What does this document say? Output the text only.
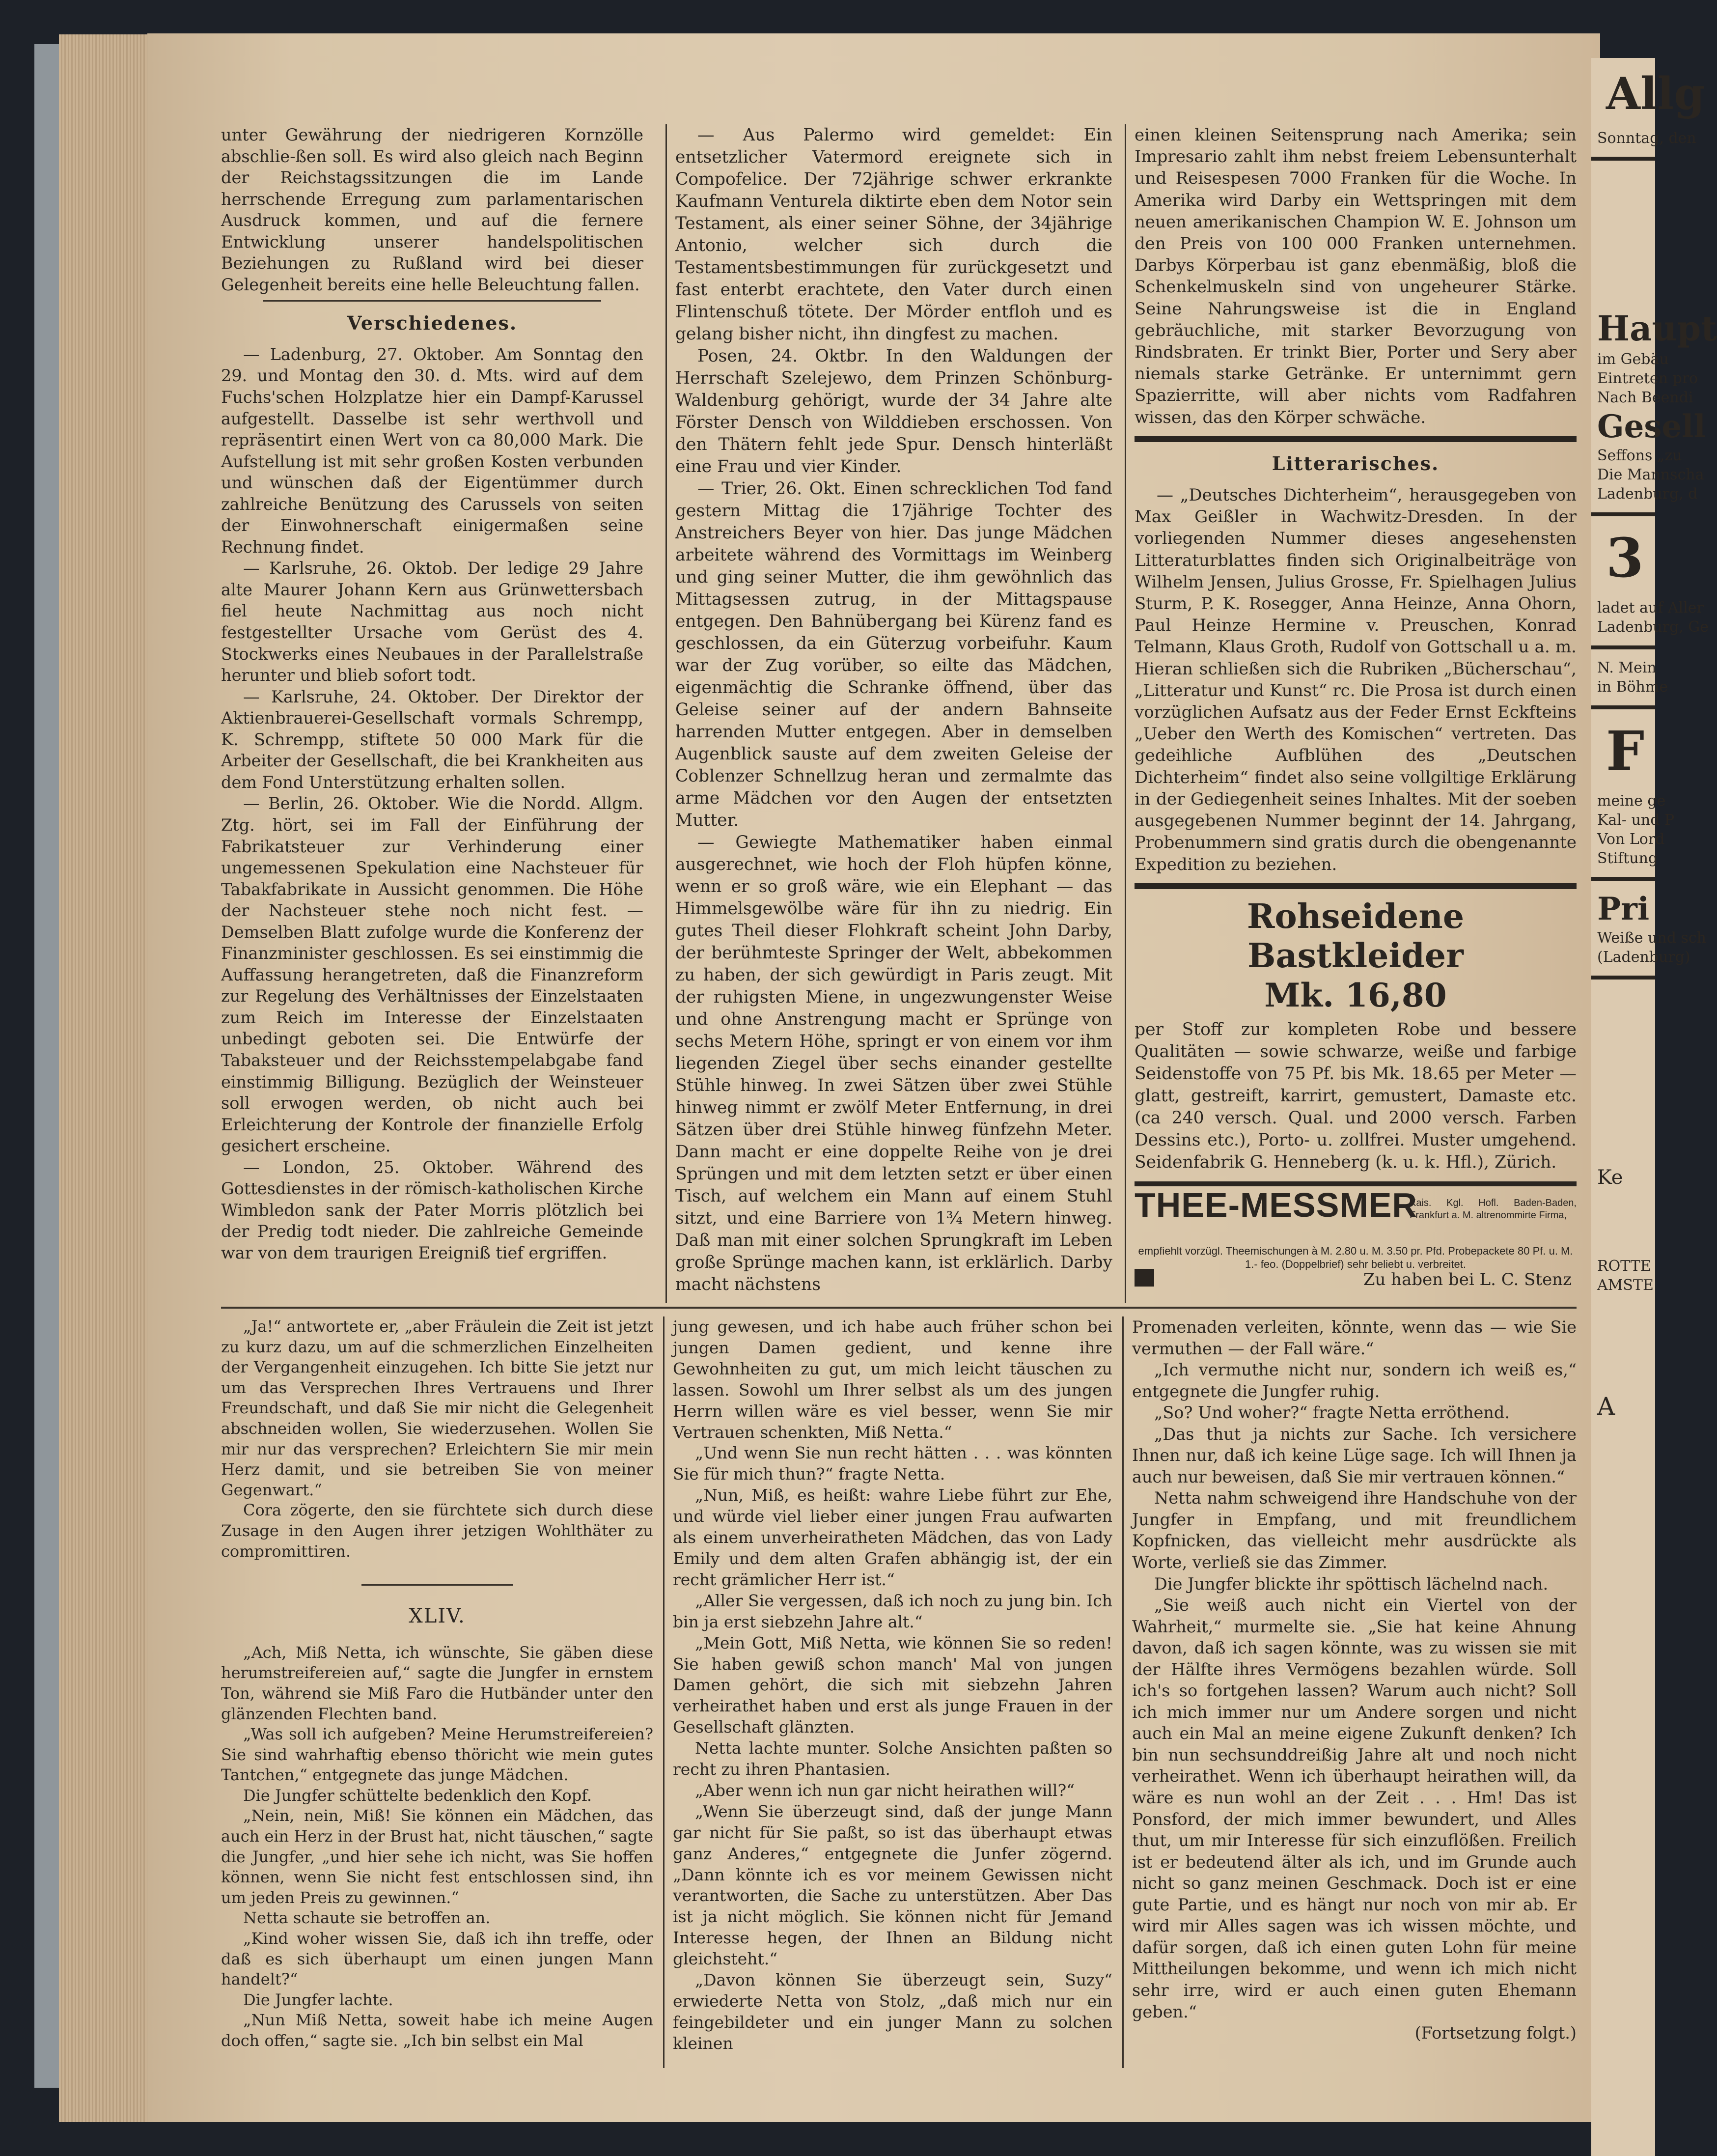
unter Gewährung der niedrigeren Kornzölle abschlie-ßen soll. Es wird also gleich nach Beginn der Reichstagssitzungen die im Lande herrschende Erregung zum parlamentarischen Ausdruck kommen, und auf die fernere Entwicklung unserer handelspolitischen Beziehungen zu Rußland wird bei dieser Gelegenheit bereits eine helle Beleuchtung fallen.

Verschiedenes.

— Ladenburg, 27. Oktober. Am Sonntag den 29. und Montag den 30. d. Mts. wird auf dem Fuchs'schen Holzplatze hier ein Dampf-Karussel aufgestellt. Dasselbe ist sehr werthvoll und repräsentirt einen Wert von ca 80,000 Mark. Die Aufstellung ist mit sehr großen Kosten verbunden und wünschen daß der Eigentümmer durch zahlreiche Benützung des Carussels von seiten der Einwohnerschaft einigermaßen seine Rechnung findet.

— Karlsruhe, 26. Oktob. Der ledige 29 Jahre alte Maurer Johann Kern aus Grünwettersbach fiel heute Nachmittag aus noch nicht festgestellter Ursache vom Gerüst des 4. Stockwerks eines Neubaues in der Parallelstraße herunter und blieb sofort todt.

— Karlsruhe, 24. Oktober. Der Direktor der Aktienbrauerei-Gesellschaft vormals Schrempp, K. Schrempp, stiftete 50 000 Mark für die Arbeiter der Gesellschaft, die bei Krankheiten aus dem Fond Unterstützung erhalten sollen.

— Berlin, 26. Oktober. Wie die Nordd. Allgm. Ztg. hört, sei im Fall der Einführung der Fabrikatsteuer zur Verhinderung einer ungemessenen Spekulation eine Nachsteuer für Tabakfabrikate in Aussicht genommen. Die Höhe der Nachsteuer stehe noch nicht fest. — Demselben Blatt zufolge wurde die Konferenz der Finanzminister geschlossen. Es sei einstimmig die Auffassung herangetreten, daß die Finanzreform zur Regelung des Verhältnisses der Einzelstaaten zum Reich im Interesse der Einzelstaaten unbedingt geboten sei. Die Entwürfe der Tabaksteuer und der Reichsstempelabgabe fand einstimmig Billigung. Bezüglich der Weinsteuer soll erwogen werden, ob nicht auch bei Erleichterung der Kontrole der finanzielle Erfolg gesichert erscheine.

— London, 25. Oktober. Während des Gottesdienstes in der römisch-katholischen Kirche Wimbledon sank der Pater Morris plötzlich bei der Predig todt nieder. Die zahlreiche Gemeinde war von dem traurigen Ereigniß tief ergriffen.

— Aus Palermo wird gemeldet: Ein entsetzlicher Vatermord ereignete sich in Compofelice. Der 72jährige schwer erkrankte Kaufmann Venturela diktirte eben dem Notor sein Testament, als einer seiner Söhne, der 34jährige Antonio, welcher sich durch die Testamentsbestimmungen für zurückgesetzt und fast enterbt erachtete, den Vater durch einen Flintenschuß tötete. Der Mörder entfloh und es gelang bisher nicht, ihn dingfest zu machen.

Posen, 24. Oktbr. In den Waldungen der Herrschaft Szelejewo, dem Prinzen Schönburg-Waldenburg gehörigt, wurde der 34 Jahre alte Förster Densch von Wilddieben erschossen. Von den Thätern fehlt jede Spur. Densch hinterläßt eine Frau und vier Kinder.

— Trier, 26. Okt. Einen schrecklichen Tod fand gestern Mittag die 17jährige Tochter des Anstreichers Beyer von hier. Das junge Mädchen arbeitete während des Vormittags im Weinberg und ging seiner Mutter, die ihm gewöhnlich das Mittagsessen zutrug, in der Mittagspause entgegen. Den Bahnübergang bei Kürenz fand es geschlossen, da ein Güterzug vorbeifuhr. Kaum war der Zug vorüber, so eilte das Mädchen, eigenmächtig die Schranke öffnend, über das Geleise seiner auf der andern Bahnseite harrenden Mutter entgegen. Aber in demselben Augenblick sauste auf dem zweiten Geleise der Coblenzer Schnellzug heran und zermalmte das arme Mädchen vor den Augen der entsetzten Mutter.

— Gewiegte Mathematiker haben einmal ausgerechnet, wie hoch der Floh hüpfen könne, wenn er so groß wäre, wie ein Elephant — das Himmelsgewölbe wäre für ihn zu niedrig. Ein gutes Theil dieser Flohkraft scheint John Darby, der berühmteste Springer der Welt, abbekommen zu haben, der sich gewürdigt in Paris zeugt. Mit der ruhigsten Miene, in ungezwungenster Weise und ohne Anstrengung macht er Sprünge von sechs Metern Höhe, springt er von einem vor ihm liegenden Ziegel über sechs einander gestellte Stühle hinweg. In zwei Sätzen über zwei Stühle hinweg nimmt er zwölf Meter Entfernung, in drei Sätzen über drei Stühle hinweg fünfzehn Meter. Dann macht er eine doppelte Reihe von je drei Sprüngen und mit dem letzten setzt er über einen Tisch, auf welchem ein Mann auf einem Stuhl sitzt, und eine Barriere von 1¾ Metern hinweg. Daß man mit einer solchen Sprungkraft im Leben große Sprünge machen kann, ist erklärlich. Darby macht nächstens

einen kleinen Seitensprung nach Amerika; sein Impresario zahlt ihm nebst freiem Lebensunterhalt und Reisespesen 7000 Franken für die Woche. In Amerika wird Darby ein Wettspringen mit dem neuen amerikanischen Champion W. E. Johnson um den Preis von 100 000 Franken unternehmen. Darbys Körperbau ist ganz ebenmäßig, bloß die Schenkelmuskeln sind von ungeheurer Stärke. Seine Nahrungsweise ist die in England gebräuchliche, mit starker Bevorzugung von Rindsbraten. Er trinkt Bier, Porter und Sery aber niemals starke Getränke. Er unternimmt gern Spazierritte, will aber nichts vom Radfahren wissen, das den Körper schwäche.

Litterarisches.

— „Deutsches Dichterheim“, herausgegeben von Max Geißler in Wachwitz-Dresden. In der vorliegenden Nummer dieses angesehensten Litteraturblattes finden sich Originalbeiträge von Wilhelm Jensen, Julius Grosse, Fr. Spielhagen Julius Sturm, P. K. Rosegger, Anna Heinze, Anna Ohorn, Paul Heinze Hermine v. Preuschen, Konrad Telmann, Klaus Groth, Rudolf von Gottschall u a. m. Hieran schließen sich die Rubriken „Bücherschau“, „Litteratur und Kunst“ rc. Die Prosa ist durch einen vorzüglichen Aufsatz aus der Feder Ernst Eckfteins „Ueber den Werth des Komischen“ vertreten. Das gedeihliche Aufblühen des „Deutschen Dichterheim“ findet also seine vollgiltige Erklärung in der Gediegenheit seines Inhaltes. Mit der soeben ausgegebenen Nummer beginnt der 14. Jahrgang, Probenummern sind gratis durch die obengenannte Expedition zu beziehen.

Rohseidene Bastkleider
Mk. 16,80
per Stoff zur kompleten Robe und bessere Qualitäten — sowie schwarze, weiße und farbige Seidenstoffe von 75 Pf. bis Mk. 18.65 per Meter — glatt, gestreift, karrirt, gemustert, Damaste etc. (ca 240 versch. Qual. und 2000 versch. Farben Dessins etc.), Porto- u. zollfrei. Muster umgehend. Seidenfabrik G. Henneberg (k. u. k. Hfl.), Zürich.
THEE-MESSMER
Kais. Kgl. Hofl. Baden-Baden, Frankfurt a. M. altrenommirte Firma,
empfiehlt vorzügl. Theemischungen à M. 2.80 u. M. 3.50 pr. Pfd. Probepackete 80 Pf. u. M. 1.- feo. (Doppelbrief) sehr beliebt u. verbreitet.
Zu haben bei L. C. Stenz

„Ja!“ antwortete er, „aber Fräulein die Zeit ist jetzt zu kurz dazu, um auf die schmerzlichen Einzelheiten der Vergangenheit einzugehen. Ich bitte Sie jetzt nur um das Versprechen Ihres Vertrauens und Ihrer Freundschaft, und daß Sie mir nicht die Gelegenheit abschneiden wollen, Sie wiederzusehen. Wollen Sie mir nur das versprechen? Erleichtern Sie mir mein Herz damit, und sie betreiben Sie von meiner Gegenwart.“

Cora zögerte, den sie fürchtete sich durch diese Zusage in den Augen ihrer jetzigen Wohlthäter zu compromittiren.

XLIV.

„Ach, Miß Netta, ich wünschte, Sie gäben diese herumstreifereien auf,“ sagte die Jungfer in ernstem Ton, während sie Miß Faro die Hutbänder unter den glänzenden Flechten band.

„Was soll ich aufgeben? Meine Herumstreifereien? Sie sind wahrhaftig ebenso thöricht wie mein gutes Tantchen,“ entgegnete das junge Mädchen.

Die Jungfer schüttelte bedenklich den Kopf.

„Nein, nein, Miß! Sie können ein Mädchen, das auch ein Herz in der Brust hat, nicht täuschen,“ sagte die Jungfer, „und hier sehe ich nicht, was Sie hoffen können, wenn Sie nicht fest entschlossen sind, ihn um jeden Preis zu gewinnen.“

Netta schaute sie betroffen an.

„Kind woher wissen Sie, daß ich ihn treffe, oder daß es sich überhaupt um einen jungen Mann handelt?“

Die Jungfer lachte.

„Nun Miß Netta, soweit habe ich meine Augen doch offen,“ sagte sie. „Ich bin selbst ein Mal

jung gewesen, und ich habe auch früher schon bei jungen Damen gedient, und kenne ihre Gewohnheiten zu gut, um mich leicht täuschen zu lassen. Sowohl um Ihrer selbst als um des jungen Herrn willen wäre es viel besser, wenn Sie mir Vertrauen schenkten, Miß Netta.“

„Und wenn Sie nun recht hätten . . . was könnten Sie für mich thun?“ fragte Netta.

„Nun, Miß, es heißt: wahre Liebe führt zur Ehe, und würde viel lieber einer jungen Frau aufwarten als einem unverheiratheten Mädchen, das von Lady Emily und dem alten Grafen abhängig ist, der ein recht grämlicher Herr ist.“

„Aller Sie vergessen, daß ich noch zu jung bin. Ich bin ja erst siebzehn Jahre alt.“

„Mein Gott, Miß Netta, wie können Sie so reden! Sie haben gewiß schon manch' Mal von jungen Damen gehört, die sich mit siebzehn Jahren verheirathet haben und erst als junge Frauen in der Gesellschaft glänzten.

Netta lachte munter. Solche Ansichten paßten so recht zu ihren Phantasien.

„Aber wenn ich nun gar nicht heirathen will?“

„Wenn Sie überzeugt sind, daß der junge Mann gar nicht für Sie paßt, so ist das überhaupt etwas ganz Anderes,“ entgegnete die Junfer zögernd. „Dann könnte ich es vor meinem Gewissen nicht verantworten, die Sache zu unterstützen. Aber Das ist ja nicht möglich. Sie können nicht für Jemand Interesse hegen, der Ihnen an Bildung nicht gleichsteht.“

„Davon können Sie überzeugt sein, Suzy“ erwiederte Netta von Stolz, „daß mich nur ein feingebildeter und ein junger Mann zu solchen kleinen

Promenaden verleiten, könnte, wenn das — wie Sie vermuthen — der Fall wäre.“

„Ich vermuthe nicht nur, sondern ich weiß es,“ entgegnete die Jungfer ruhig.

„So? Und woher?“ fragte Netta erröthend.

„Das thut ja nichts zur Sache. Ich versichere Ihnen nur, daß ich keine Lüge sage. Ich will Ihnen ja auch nur beweisen, daß Sie mir vertrauen können.“

Netta nahm schweigend ihre Handschuhe von der Jungfer in Empfang, und mit freundlichem Kopfnicken, das vielleicht mehr ausdrückte als Worte, verließ sie das Zimmer.

Die Jungfer blickte ihr spöttisch lächelnd nach.

„Sie weiß auch nicht ein Viertel von der Wahrheit,“ murmelte sie. „Sie hat keine Ahnung davon, daß ich sagen könnte, was zu wissen sie mit der Hälfte ihres Vermögens bezahlen würde. Soll ich's so fortgehen lassen? Warum auch nicht? Soll ich mich immer nur um Andere sorgen und nicht auch ein Mal an meine eigene Zukunft denken? Ich bin nun sechsunddreißig Jahre alt und noch nicht verheirathet. Wenn ich überhaupt heirathen will, da wäre es nun wohl an der Zeit . . . Hm! Das ist Ponsford, der mich immer bewundert, und Alles thut, um mir Interesse für sich einzuflößen. Freilich ist er bedeutend älter als ich, und im Grunde auch nicht so ganz meinen Geschmack. Doch ist er eine gute Partie, und es hängt nur noch von mir ab. Er wird mir Alles sagen was ich wissen möchte, und dafür sorgen, daß ich einen guten Lohn für meine Mittheilungen bekomme, und wenn ich mich nicht sehr irre, wird er auch einen guten Ehemann geben.“

(Fortsetzung folgt.)

Allg
Sonntag, den
Haupt
im Gebäu
Eintreten pro
Nach Beendi
Gesell
Seffons „zu
Die Mannscha
Ladenburg, d
3
ladet auf Aller
Ladenburg, Ge
N. Mein
in Böhme
F
meine ge
Kal- und P
Von Lord
Stiftung
Pri
Weiße und sch
(Ladenburg)
Ke
ROTTE
AMSTE
A
